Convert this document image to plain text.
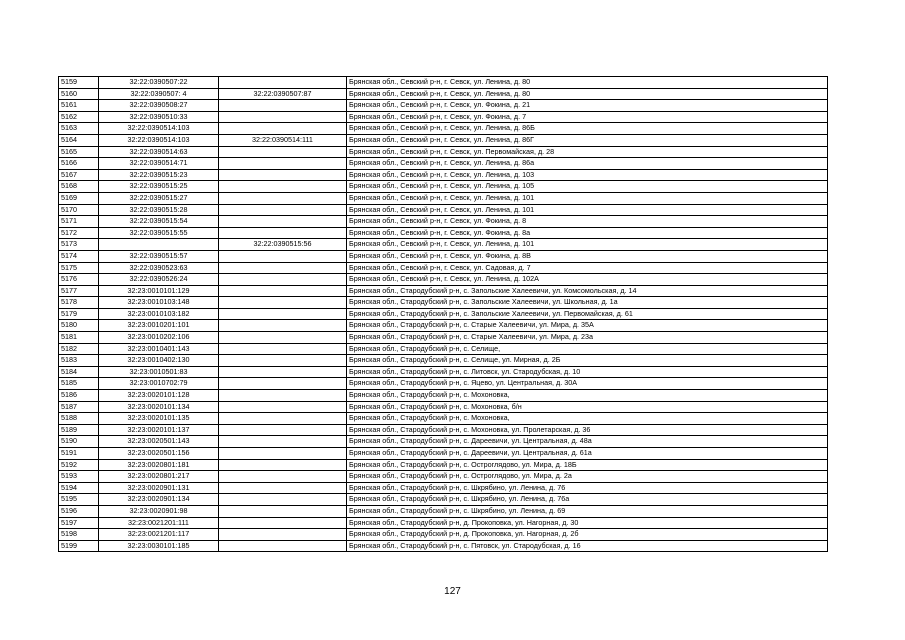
5159	32:22:0390507:22		Брянская обл., Севский р-н, г. Севск, ул. Ленина, д. 80
5160	32:22:0390507: 4	32:22:0390507:87	Брянская обл., Севский р-н, г. Севск, ул. Ленина, д. 80
5161	32:22:0390508:27		Брянская обл., Севский р-н, г. Севск, ул. Фокина, д. 21
5162	32:22:0390510:33		Брянская обл., Севский р-н, г. Севск, ул. Фокина, д. 7
5163	32:22:0390514:103		Брянская обл., Севский р-н, г. Севск, ул. Ленина, д. 86Б
5164	32:22:0390514:103	32:22:0390514:111	Брянская обл., Севский р-н, г. Севск, ул. Ленина, д. 86Г
5165	32:22:0390514:63		Брянская обл., Севский р-н, г. Севск, ул. Первомайская, д. 28
5166	32:22:0390514:71		Брянская обл., Севский р-н, г. Севск, ул. Ленина, д. 86а
5167	32:22:0390515:23		Брянская обл., Севский р-н, г. Севск, ул. Ленина, д. 103
5168	32:22:0390515:25		Брянская обл., Севский р-н, г. Севск, ул. Ленина, д. 105
5169	32:22:0390515:27		Брянская обл., Севский р-н, г. Севск, ул. Ленина, д. 101
5170	32:22:0390515:28		Брянская обл., Севский р-н, г. Севск, ул. Ленина, д. 101
5171	32:22:0390515:54		Брянская обл., Севский р-н, г. Севск, ул. Фокина, д. 8
5172	32:22:0390515:55		Брянская обл., Севский р-н, г. Севск, ул. Фокина, д. 8а
5173		32:22:0390515:56	Брянская обл., Севский р-н, г. Севск, ул. Ленина, д. 101
5174	32:22:0390515:57		Брянская обл., Севский р-н, г. Севск, ул. Фокина, д. 8В
5175	32:22:0390523:63		Брянская обл., Севский р-н, г. Севск, ул. Садовая, д. 7
5176	32:22:0390526:24		Брянская обл., Севский р-н, г. Севск, ул. Ленина, д. 102А
5177	32:23:0010101:129		Брянская обл., Стародубский р-н, с. Запольские Халеевичи, ул. Комсомольская, д. 14
5178	32:23:0010103:148		Брянская обл., Стародубский р-н, с. Запольские Халеевичи, ул. Школьная, д. 1а
5179	32:23:0010103:182		Брянская обл., Стародубский р-н, с. Запольские Халеевичи, ул. Первомайская, д. 61
5180	32:23:0010201:101		Брянская обл., Стародубский р-н, с. Старые Халеевичи, ул. Мира, д. 35А
5181	32:23:0010202:106		Брянская обл., Стародубский р-н, с. Старые Халеевичи, ул. Мира, д. 23а
5182	32:23:0010401:143		Брянская обл., Стародубский р-н, с. Селище,
5183	32:23:0010402:130		Брянская обл., Стародубский р-н, с. Селище, ул. Мирная, д. 2Б
5184	32:23:0010501:83		Брянская обл., Стародубский р-н, с. Литовск, ул. Стародубская, д. 10
5185	32:23:0010702:79		Брянская обл., Стародубский р-н, с. Яцево, ул. Центральная, д. 30А
5186	32:23:0020101:128		Брянская обл., Стародубский р-н, с. Мохоновка,
5187	32:23:0020101:134		Брянская обл., Стародубский р-н, с. Мохоновка, б/н
5188	32:23:0020101:135		Брянская обл., Стародубский р-н, с. Мохоновка,
5189	32:23:0020101:137		Брянская обл., Стародубский р-н, с. Мохоновка, ул. Пролетарская, д. 36
5190	32:23:0020501:143		Брянская обл., Стародубский р-н, с. Дареевичи, ул. Центральная, д. 48а
5191	32:23:0020501:156		Брянская обл., Стародубский р-н, с. Дареевичи, ул. Центральная, д. 61а
5192	32:23:0020801:181		Брянская обл., Стародубский р-н, с. Остроглядово, ул. Мира, д. 18Б
5193	32:23:0020801:217		Брянская обл., Стародубский р-н, с. Остроглядово, ул. Мира, д. 2а
5194	32:23:0020901:131		Брянская обл., Стародубский р-н, с. Шкрябино, ул. Ленина, д. 76
5195	32:23:0020901:134		Брянская обл., Стародубский р-н, с. Шкрябино, ул. Ленина, д. 76а
5196	32:23:0020901:98		Брянская обл., Стародубский р-н, с. Шкрябино, ул. Ленина, д. 69
5197	32:23:0021201:111		Брянская обл., Стародубский р-н, д. Прокоповка, ул. Нагорная, д. 30
5198	32:23:0021201:117		Брянская обл., Стародубский р-н, д. Прокоповка, ул. Нагорная, д. 2б
5199	32:23:0030101:185		Брянская обл., Стародубский р-н, с. Пятовск, ул. Стародубская, д. 16
127
